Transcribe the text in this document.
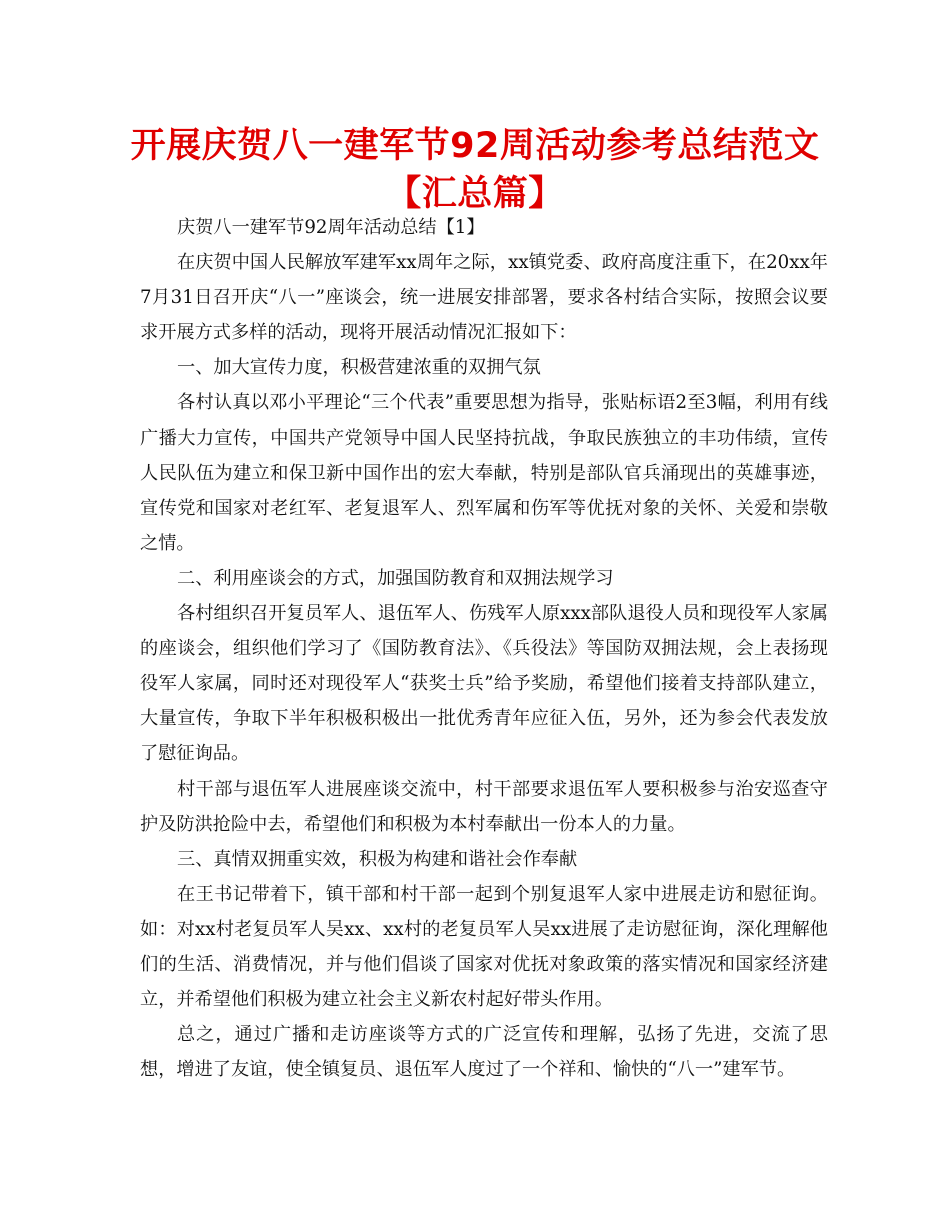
开展庆贺八一建军节92周活动参考总结范文
【汇总篇】

庆贺八一建军节92周年活动总结【1】

在庆贺中国人民解放军建军xx周年之际，xx镇党委、政府高度注重下，在20xx年7月31日召开庆“八一”座谈会，统一进展安排部署，要求各村结合实际，按照会议要求开展方式多样的活动，现将开展活动情况汇报如下：

一、加大宣传力度，积极营建浓重的双拥气氛

各村认真以邓小平理论“三个代表”重要思想为指导，张贴标语2至3幅，利用有线广播大力宣传，中国共产党领导中国人民坚持抗战，争取民族独立的丰功伟绩，宣传人民队伍为建立和保卫新中国作出的宏大奉献，特别是部队官兵涌现出的英雄事迹，宣传党和国家对老红军、老复退军人、烈军属和伤军等优抚对象的关怀、关爱和崇敬之情。

二、利用座谈会的方式，加强国防教育和双拥法规学习

各村组织召开复员军人、退伍军人、伤残军人原xxx部队退役人员和现役军人家属的座谈会，组织他们学习了《国防教育法》、《兵役法》等国防双拥法规，会上表扬现役军人家属，同时还对现役军人“获奖士兵”给予奖励，希望他们接着支持部队建立，大量宣传，争取下半年积极积极出一批优秀青年应征入伍，另外，还为参会代表发放了慰征询品。

村干部与退伍军人进展座谈交流中，村干部要求退伍军人要积极参与治安巡查守护及防洪抢险中去，希望他们和积极为本村奉献出一份本人的力量。

三、真情双拥重实效，积极为构建和谐社会作奉献

在王书记带着下，镇干部和村干部一起到个别复退军人家中进展走访和慰征询。如：对xx村老复员军人吴xx、xx村的老复员军人吴xx进展了走访慰征询，深化理解他们的生活、消费情况，并与他们倡谈了国家对优抚对象政策的落实情况和国家经济建立，并希望他们积极为建立社会主义新农村起好带头作用。

总之，通过广播和走访座谈等方式的广泛宣传和理解，弘扬了先进，交流了思想，增进了友谊，使全镇复员、退伍军人度过了一个祥和、愉快的“八一”建军节。
